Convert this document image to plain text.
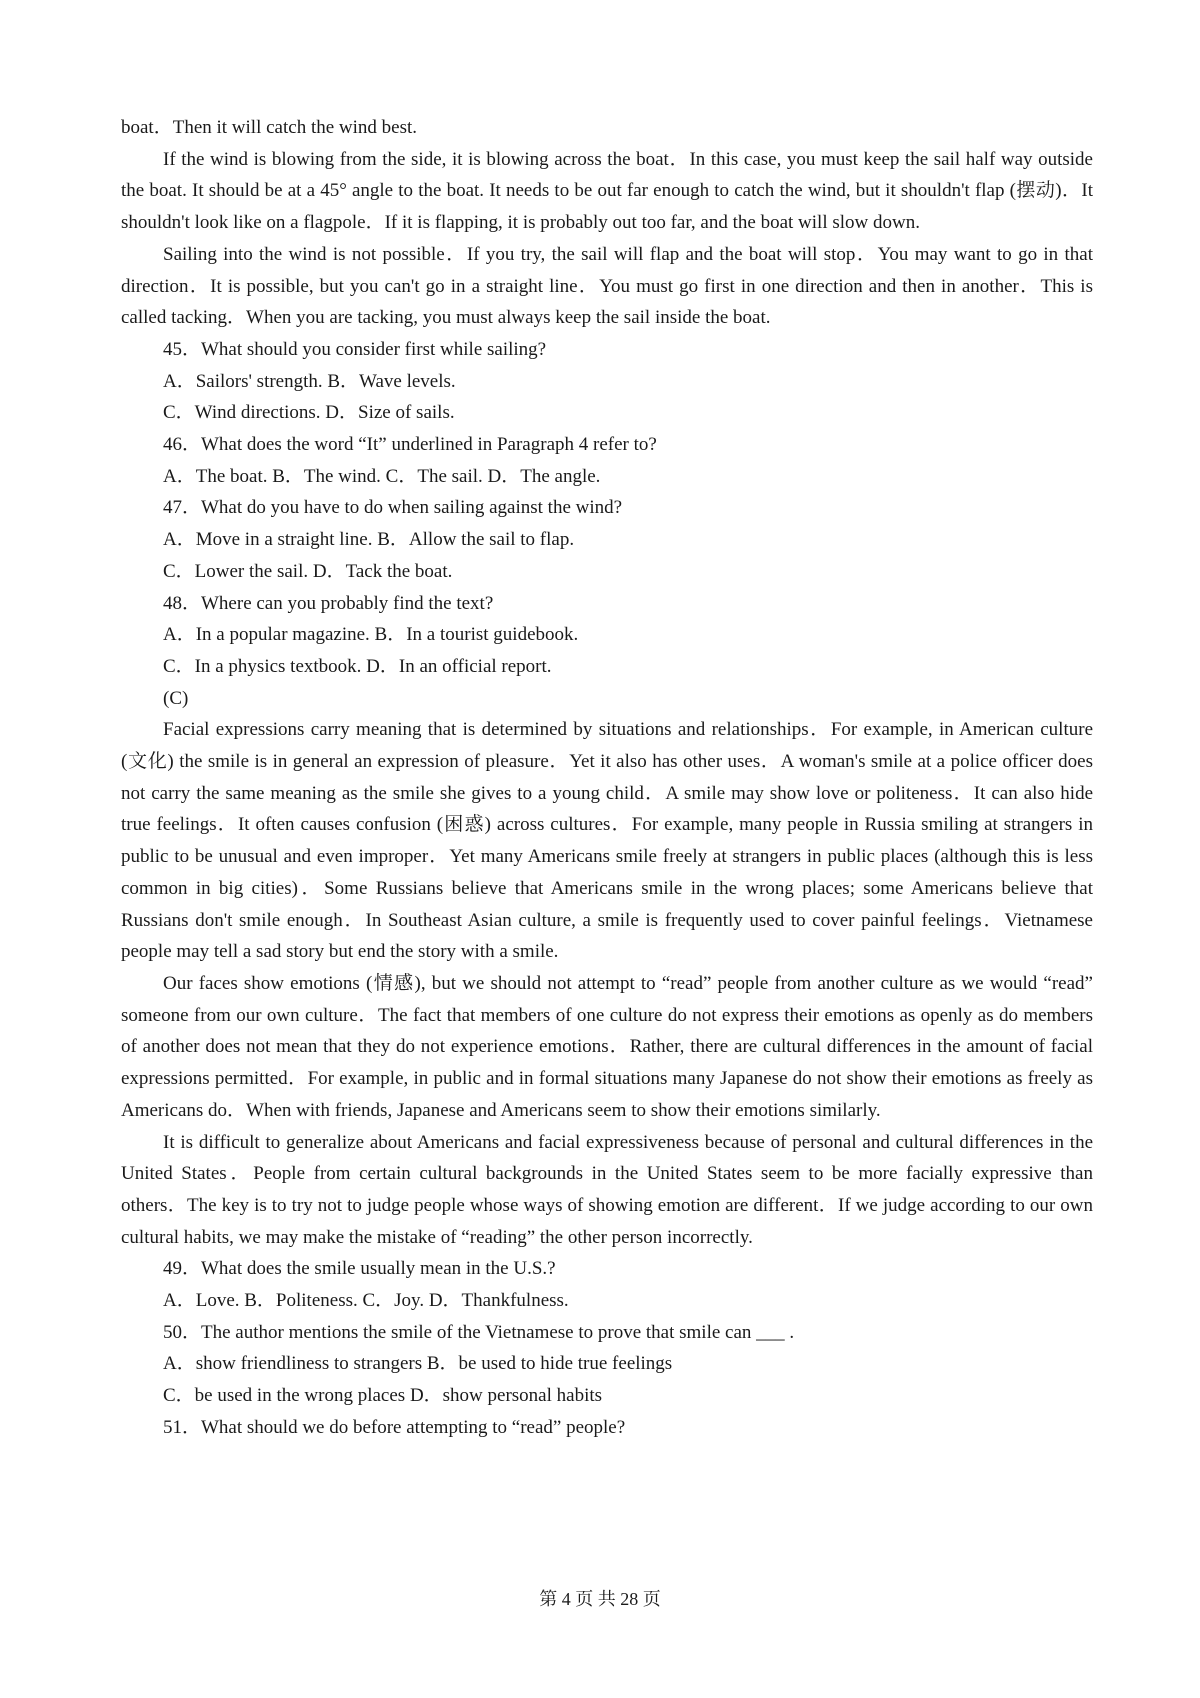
boat．Then it will catch the wind best.

If the wind is blowing from the side, it is blowing across the boat．In this case, you must keep the sail half way outside the boat. It should be at a 45° angle to the boat. It needs to be out far enough to catch the wind, but it shouldn't flap (摆动)．It shouldn't look like on a flagpole．If it is flapping, it is probably out too far, and the boat will slow down.

Sailing into the wind is not possible．If you try, the sail will flap and the boat will stop．You may want to go in that direction．It is possible, but you can't go in a straight line．You must go first in one direction and then in another．This is called tacking．When you are tacking, you must always keep the sail inside the boat.

45．What should you consider first while sailing?

A．Sailors' strength. B．Wave levels.

C．Wind directions. D．Size of sails.

46．What does the word “It” underlined in Paragraph 4 refer to?

A．The boat. B．The wind. C．The sail. D．The angle.

47．What do you have to do when sailing against the wind?

A．Move in a straight line. B．Allow the sail to flap.

C．Lower the sail. D．Tack the boat.

48．Where can you probably find the text?

A．In a popular magazine. B．In a tourist guidebook.

C．In a physics textbook. D．In an official report.

(C)

Facial expressions carry meaning that is determined by situations and relationships．For example, in American culture (文化) the smile is in general an expression of pleasure．Yet it also has other uses．A woman's smile at a police officer does not carry the same meaning as the smile she gives to a young child．A smile may show love or politeness．It can also hide true feelings．It often causes confusion (困惑) across cultures．For example, many people in Russia smiling at strangers in public to be unusual and even improper．Yet many Americans smile freely at strangers in public places (although this is less common in big cities)．Some Russians believe that Americans smile in the wrong places; some Americans believe that Russians don't smile enough．In Southeast Asian culture, a smile is frequently used to cover painful feelings．Vietnamese people may tell a sad story but end the story with a smile.

Our faces show emotions (情感), but we should not attempt to “read” people from another culture as we would “read” someone from our own culture．The fact that members of one culture do not express their emotions as openly as do members of another does not mean that they do not experience emotions．Rather, there are cultural differences in the amount of facial expressions permitted．For example, in public and in formal situations many Japanese do not show their emotions as freely as Americans do．When with friends, Japanese and Americans seem to show their emotions similarly.

It is difficult to generalize about Americans and facial expressiveness because of personal and cultural differences in the United States．People from certain cultural backgrounds in the United States seem to be more facially expressive than others．The key is to try not to judge people whose ways of showing emotion are different．If we judge according to our own cultural habits, we may make the mistake of “reading” the other person incorrectly.

49．What does the smile usually mean in the U.S.?

A．Love. B．Politeness. C．Joy. D．Thankfulness.

50．The author mentions the smile of the Vietnamese to prove that smile can ___ .

A．show friendliness to strangers B．be used to hide true feelings

C．be used in the wrong places D．show personal habits

51．What should we do before attempting to “read” people?

第 4 页 共 28 页
